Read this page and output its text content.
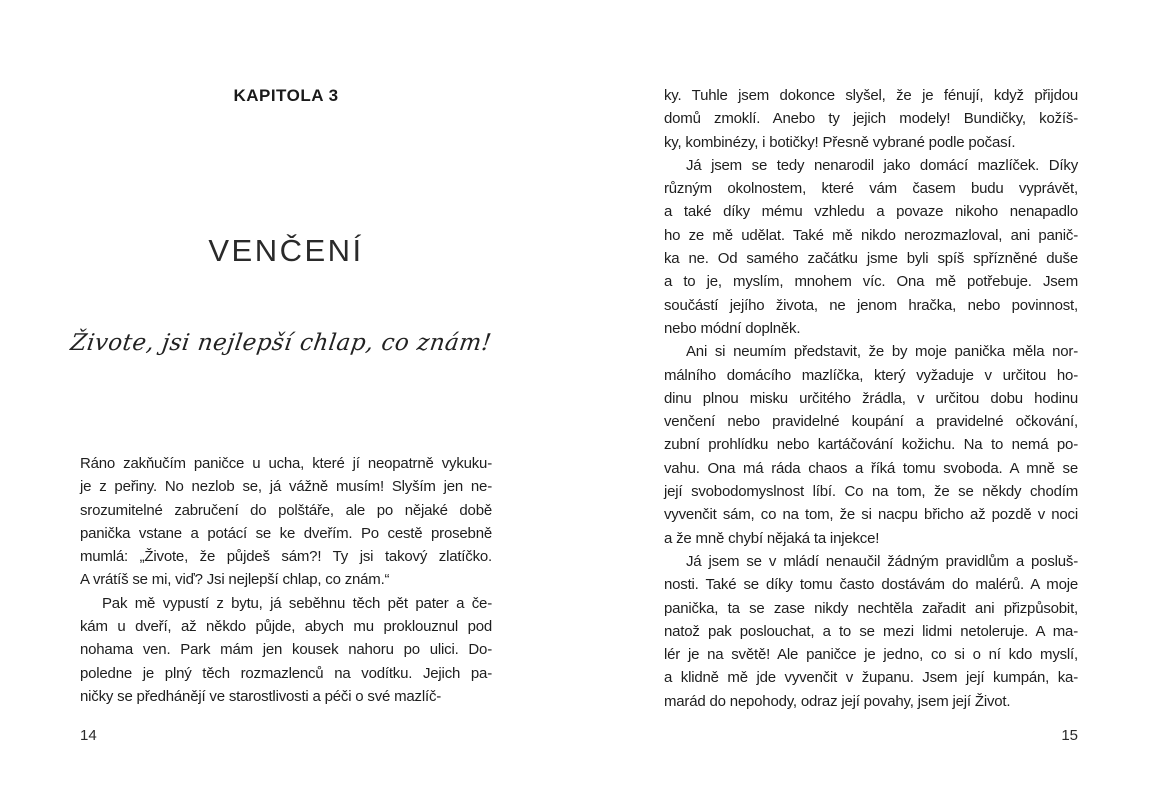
KAPITOLA 3
VENČENÍ
Živote, jsi nejlepší chlap, co znám!
Ráno zakňučím paničce u ucha, které jí neopatrně vykuku-
je z peřiny. No nezlob se, já vážně musím! Slyším jen ne-
srozumitelné zabručení do polštáře, ale po nějaké době
panička vstane a potácí se ke dveřím. Po cestě prosebně
mumlá: „Živote, že půjdeš sám?! Ty jsi takový zlatíčko.
A vrátíš se mi, viď? Jsi nejlepší chlap, co znám.“
Pak mě vypustí z bytu, já seběhnu těch pět pater a če-
kám u dveří, až někdo půjde, abych mu proklouznul pod
nohama ven. Park mám jen kousek nahoru po ulici. Do-
poledne je plný těch rozmazlenců na vodítku. Jejich pa-
ničky se předhánějí ve starostlivosti a péči o své mazlíč-
14
ky. Tuhle jsem dokonce slyšel, že je fénují, když přijdou
domů zmoklí. Anebo ty jejich modely! Bundičky, kožíš-
ky, kombinézy, i botičky! Přesně vybrané podle počasí.
Já jsem se tedy nenarodil jako domácí mazlíček. Díky
různým okolnostem, které vám časem budu vyprávět,
a také díky mému vzhledu a povaze nikoho nenapadlo
ho ze mě udělat. Také mě nikdo nerozmazloval, ani panič-
ka ne. Od samého začátku jsme byli spíš spřízněné duše
a to je, myslím, mnohem víc. Ona mě potřebuje. Jsem
součástí jejího života, ne jenom hračka, nebo povinnost,
nebo módní doplněk.
Ani si neumím představit, že by moje panička měla nor-
málního domácího mazlíčka, který vyžaduje v určitou ho-
dinu plnou misku určitého žrádla, v určitou dobu hodinu
venčení nebo pravidelné koupání a pravidelné očkování,
zubní prohlídku nebo kartáčování kožichu. Na to nemá po-
vahu. Ona má ráda chaos a říká tomu svoboda. A mně se
její svobodomyslnost líbí. Co na tom, že se někdy chodím
vyvenčit sám, co na tom, že si nacpu břicho až pozdě v noci
a že mně chybí nějaká ta injekce!
Já jsem se v mládí nenaučil žádným pravidlům a posluš-
nosti. Také se díky tomu často dostávám do malérů. A moje
panička, ta se zase nikdy nechtěla zařadit ani přizpůsobit,
natož pak poslouchat, a to se mezi lidmi netoleruje. A ma-
lér je na světě! Ale paničce je jedno, co si o ní kdo myslí,
a klidně mě jde vyvenčit v županu. Jsem její kumpán, ka-
marád do nepohody, odraz její povahy, jsem její Život.
15
